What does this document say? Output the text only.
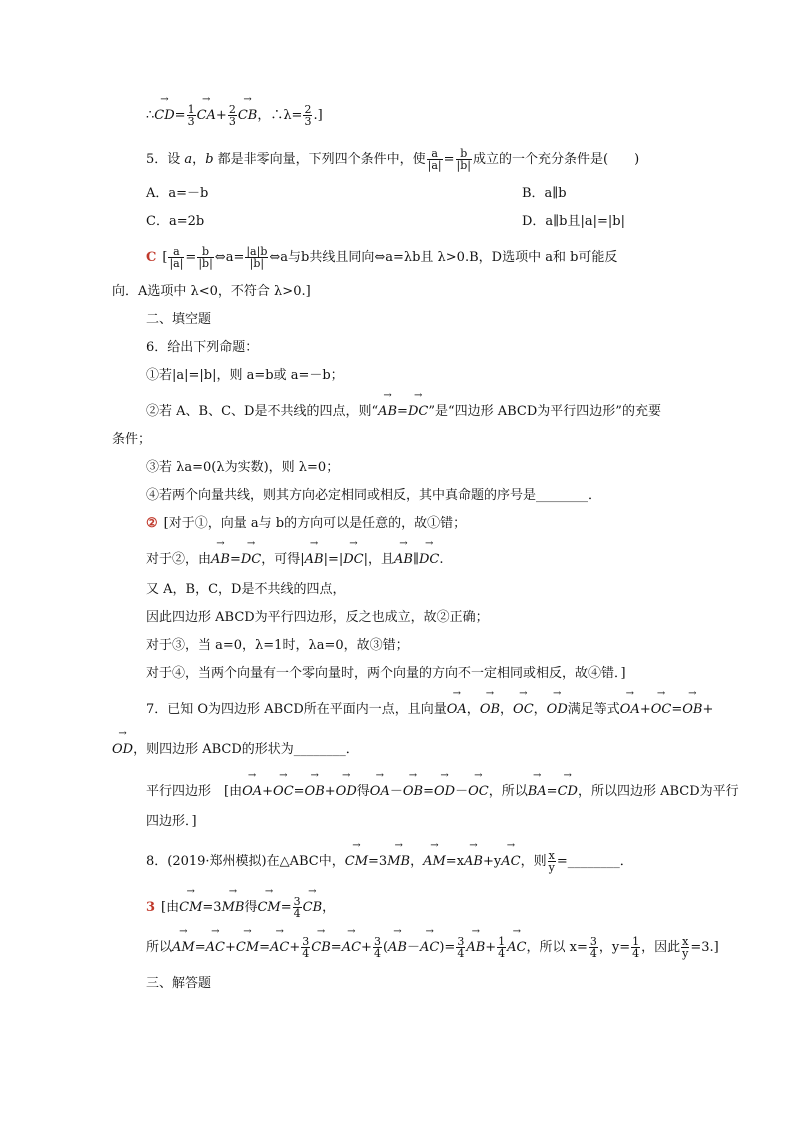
∴→ $CD= \frac{1}{3}$
→ $CA+ \frac{2}{3}$
→ CB，∴λ= $\frac{2}{3}$ .]
5．设 a，b 都是非零向量，下列四个条件中，使 $\frac{a}{|a|} = \frac{b}{|b|}$ 成立的一个充分条件是(　　)
A．a=－b	B．a∥b
C．a=2b	D．a∥b且|a|=|b|
C [ $\frac{a}{|a|} = \frac{b}{|b|}$ ⇔a= $\frac{|a|b}{|b|}$ ⇔a与b共线且同向⇔a=λb且 λ>0.B，D选项中 a和 b可能反
向．A选项中 λ<0，不符合 λ>0.]
二、填空题
6．给出下列命题：
①若|a|=|b|，则 a=b或 a=－b；
②若 A、B、C、D是不共线的四点，则“→ AB=→ DC”是“四边形 ABCD为平行四边形”的充要
条件；
③若 λa=0(λ为实数)，则 λ=0；
④若两个向量共线，则其方向必定相同或相反，其中真命题的序号是________．
② [对于①，向量 a与 b的方向可以是任意的，故①错；
对于②，由→ AB=→ DC，可得|→ AB|=|→ DC|，且→ AB∥→ DC.
又 A，B，C，D是不共线的四点，
因此四边形 ABCD为平行四边形，反之也成立，故②正确；
对于③，当 a=0，λ=1时，λa=0，故③错；
对于④，当两个向量有一个零向量时，两个向量的方向不一定相同或相反，故④错．]
7．已知 O为四边形 ABCD所在平面内一点，且向量→ OA，→ OB，→ OC，→ OD满足等式→ OA+→ OC=→ OB+
→ OD，则四边形 ABCD的形状为________．
平行四边形　[由→ OA+→ OC=→ OB+→ OD得→ OA－→ OB=→ OD－→ OC，所以→ BA=→ CD，所以四边形 ABCD为平行
四边形．]
8．(2019·郑州模拟)在△ABC中，→ CM=3→ MB，→ AM=x→ AB+y→ AC，则 $\frac{x}{y}$ =________．
3 [由→ CM=3→ MB得→ $CM= \frac{3}{4}$
→ CB，
所以→ $AM=\to AC+\to CM=\to AC+ \frac{3}{4}$
→ $CB=\to AC+ \frac{3}{4}$ (→ $AB-\to AC)= \frac{3}{4}$
→ $AB+ \frac{1}{4}$
→ AC，所以 $x= \frac{3}{4}$ ，$y= \frac{1}{4}$ ，因此 $\frac{x}{y} =3$.]
三、解答题
